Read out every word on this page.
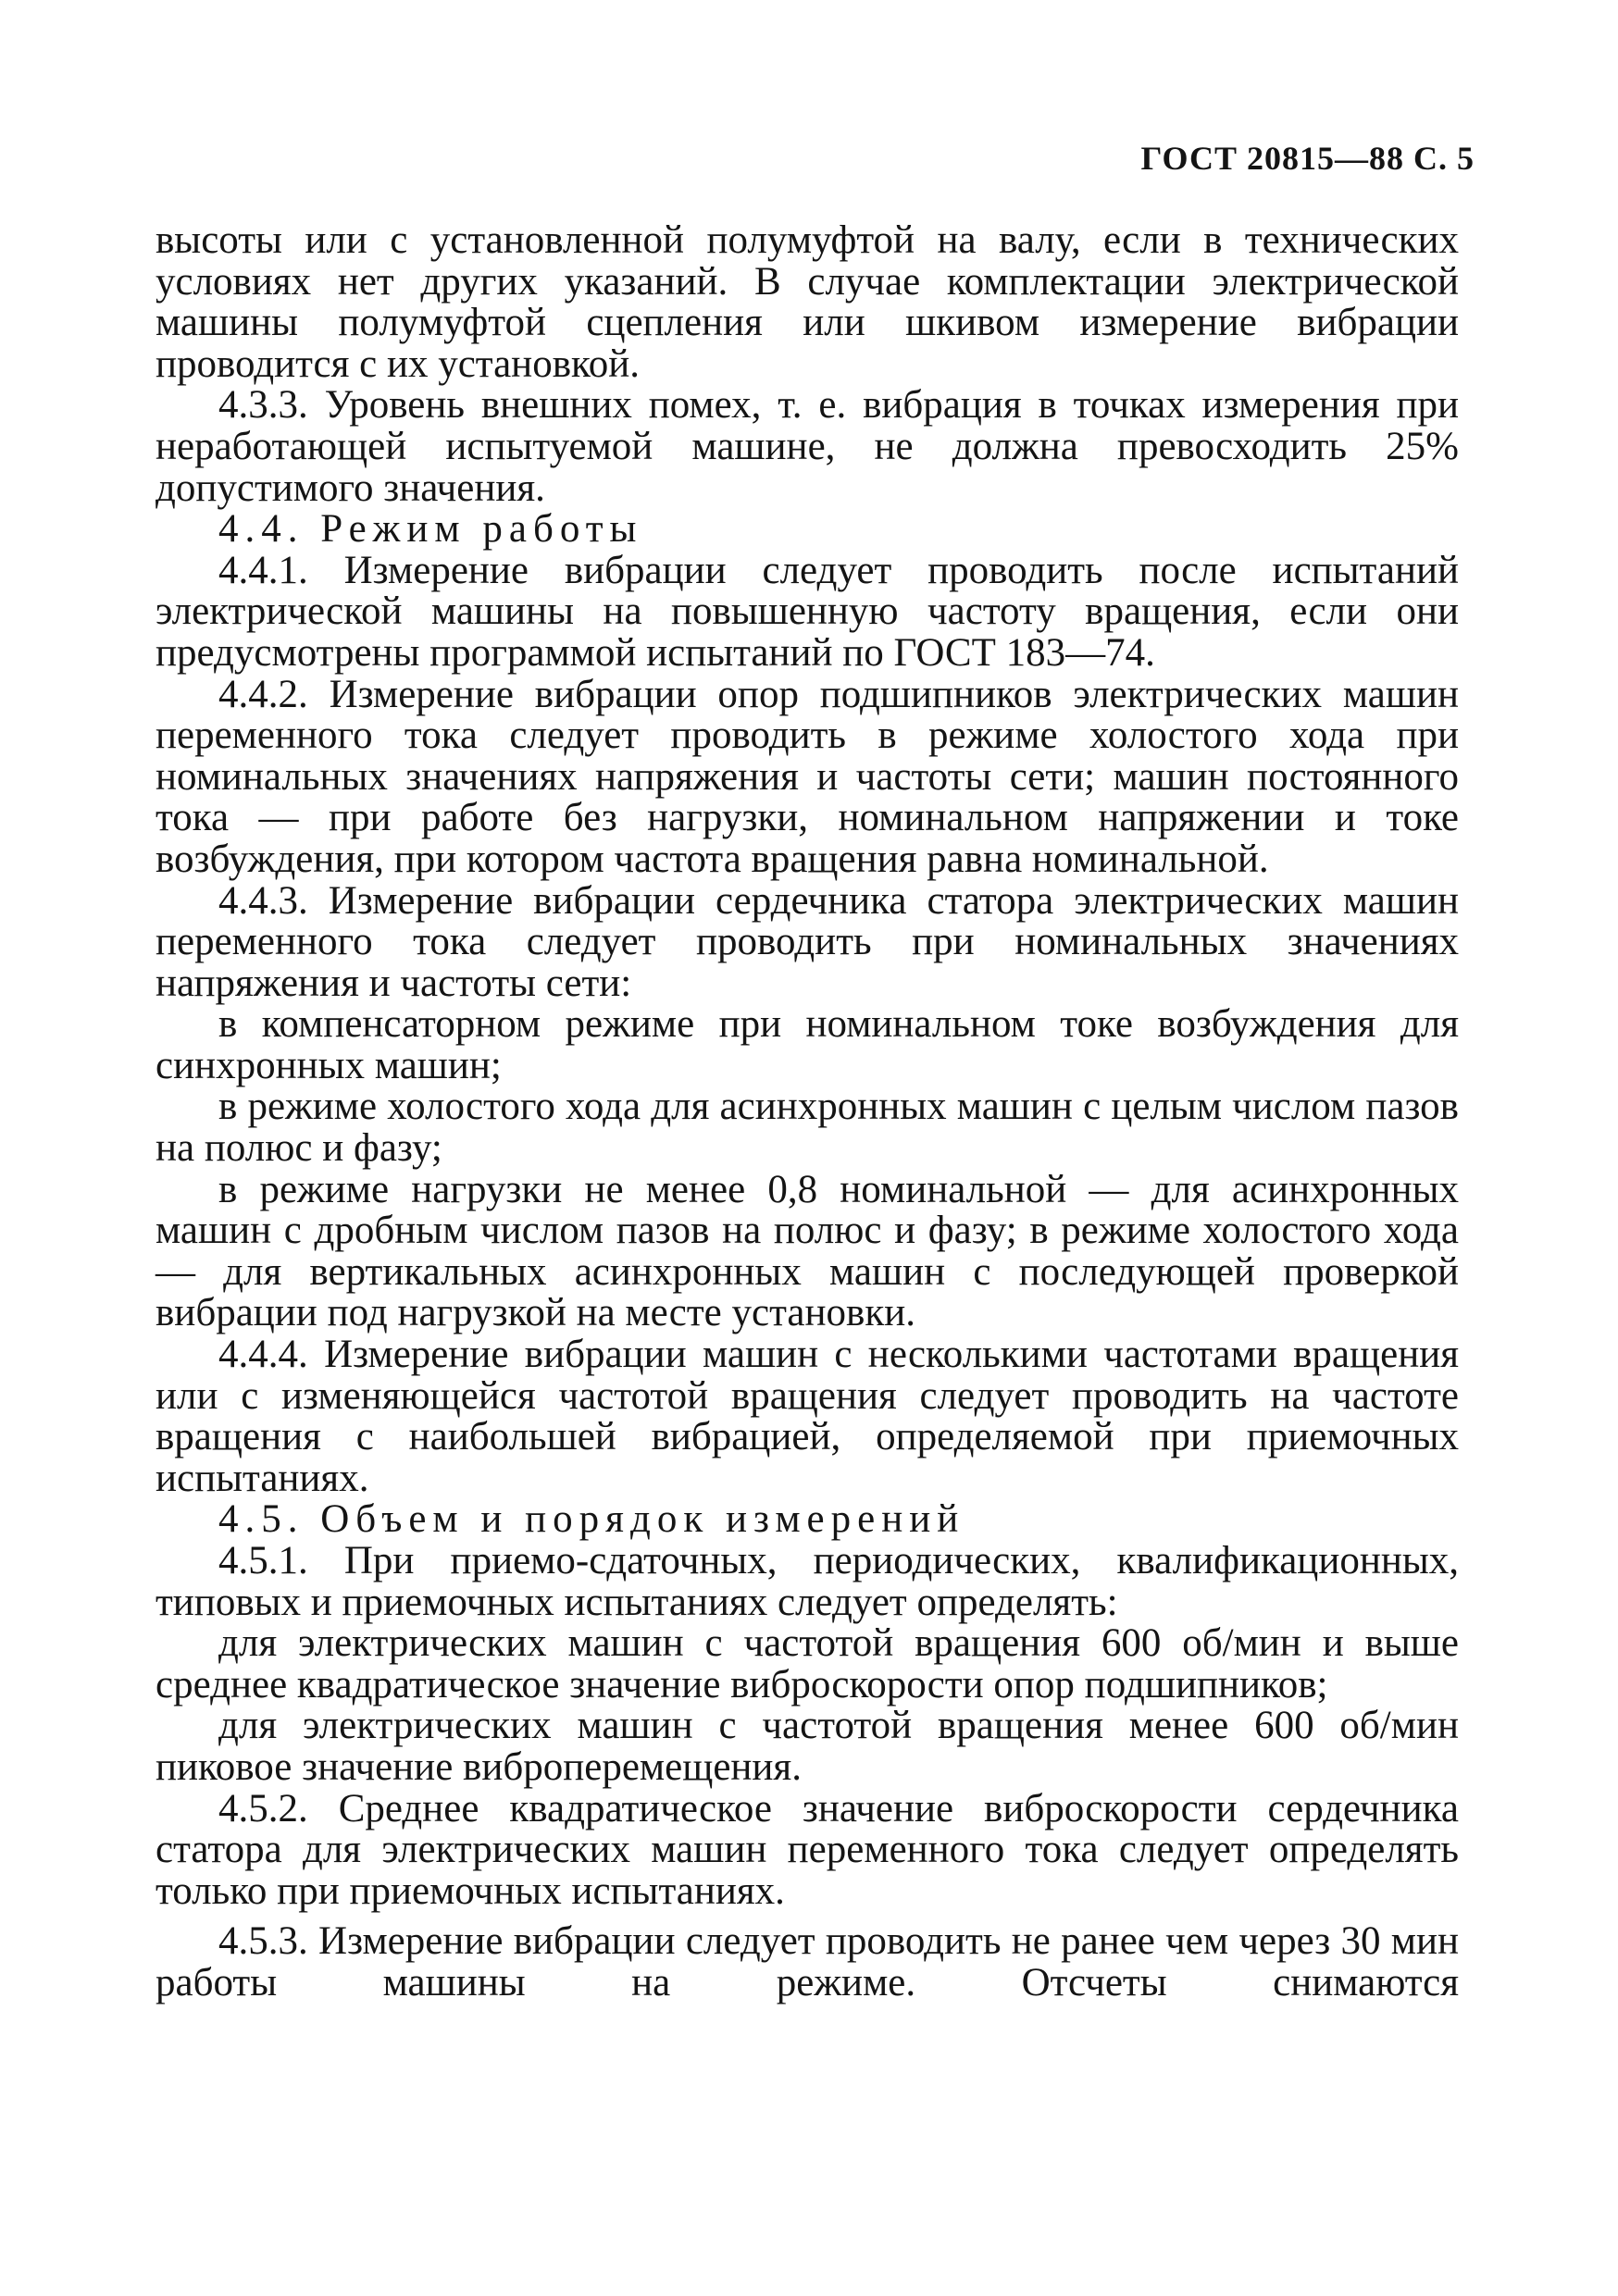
ГОСТ 20815—88 С. 5

высоты или с установленной полумуфтой на валу, если в технических условиях нет других указаний. В случае комплектации электрической машины полумуфтой сцепления или шкивом измерение вибрации проводится с их установкой.

4.3.3. Уровень внешних помех, т. е. вибрация в точках измерения при неработающей испытуемой машине, не должна превосходить 25% допустимого значения.

4.4. Режим работы

4.4.1. Измерение вибрации следует проводить после испытаний электрической машины на повышенную частоту вращения, если они предусмотрены программой испытаний по ГОСТ 183—74.

4.4.2. Измерение вибрации опор подшипников электрических машин переменного тока следует проводить в режиме холостого хода при номинальных значениях напряжения и частоты сети; машин постоянного тока — при работе без нагрузки, номинальном напряжении и токе возбуждения, при котором частота вращения равна номинальной.

4.4.3. Измерение вибрации сердечника статора электрических машин переменного тока следует проводить при номинальных значениях напряжения и частоты сети:

в компенсаторном режиме при номинальном токе возбуждения для синхронных машин;

в режиме холостого хода для асинхронных машин с целым числом пазов на полюс и фазу;

в режиме нагрузки не менее 0,8 номинальной — для асинхронных машин с дробным числом пазов на полюс и фазу; в режиме холостого хода — для вертикальных асинхронных машин с последующей проверкой вибрации под нагрузкой на месте установки.

4.4.4. Измерение вибрации машин с несколькими частотами вращения или с изменяющейся частотой вращения следует проводить на частоте вращения с наибольшей вибрацией, определяемой при приемочных испытаниях.

4.5. Объем и порядок измерений

4.5.1. При приемо-сдаточных, периодических, квалификационных, типовых и приемочных испытаниях следует определять:

для электрических машин с частотой вращения 600 об/мин и выше среднее квадратическое значение виброскорости опор подшипников;

для электрических машин с частотой вращения менее 600 об/мин пиковое значение виброперемещения.

4.5.2. Среднее квадратическое значение виброскорости сердечника статора для электрических машин переменного тока следует определять только при приемочных испытаниях.

4.5.3. Измерение вибрации следует проводить не ранее чем через 30 мин работы машины на режиме. Отсчеты снимаются
